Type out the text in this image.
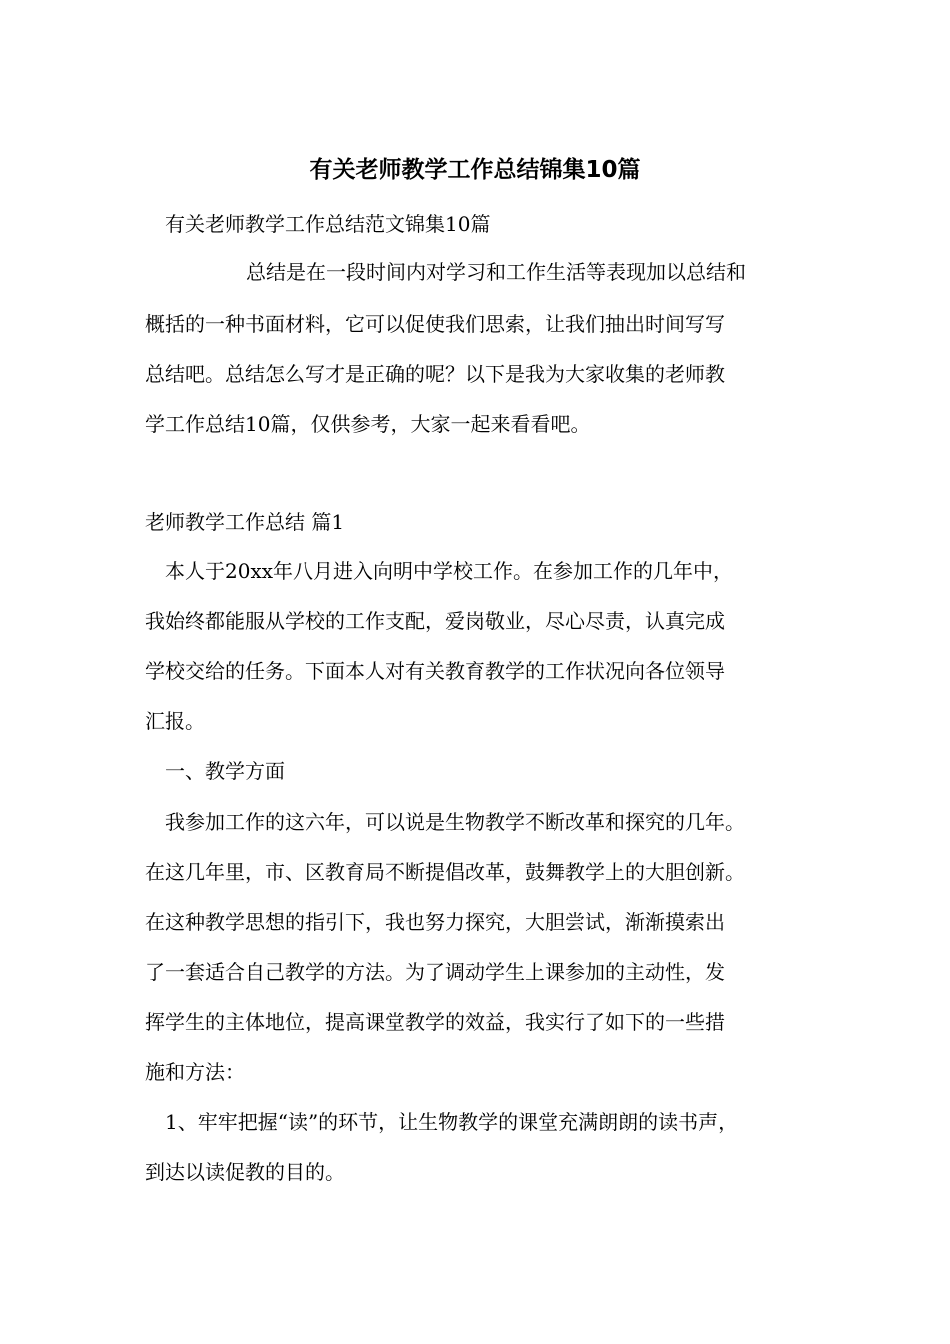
有关老师教学工作总结锦集10篇
有关老师教学工作总结范文锦集10篇
总结是在一段时间内对学习和工作生活等表现加以总结和
概括的一种书面材料，它可以促使我们思索，让我们抽出时间写写
总结吧。总结怎么写才是正确的呢？以下是我为大家收集的老师教
学工作总结10篇，仅供参考，大家一起来看看吧。
老师教学工作总结 篇1
本人于20xx年八月进入向明中学校工作。在参加工作的几年中，
我始终都能服从学校的工作支配，爱岗敬业，尽心尽责，认真完成
学校交给的任务。下面本人对有关教育教学的工作状况向各位领导
汇报。
一、教学方面
我参加工作的这六年，可以说是生物教学不断改革和探究的几年。
在这几年里，市、区教育局不断提倡改革，鼓舞教学上的大胆创新。
在这种教学思想的指引下，我也努力探究，大胆尝试，渐渐摸索出
了一套适合自己教学的方法。为了调动学生上课参加的主动性，发
挥学生的主体地位，提高课堂教学的效益，我实行了如下的一些措
施和方法：
1、牢牢把握“读”的环节，让生物教学的课堂充满朗朗的读书声，
到达以读促教的目的。
